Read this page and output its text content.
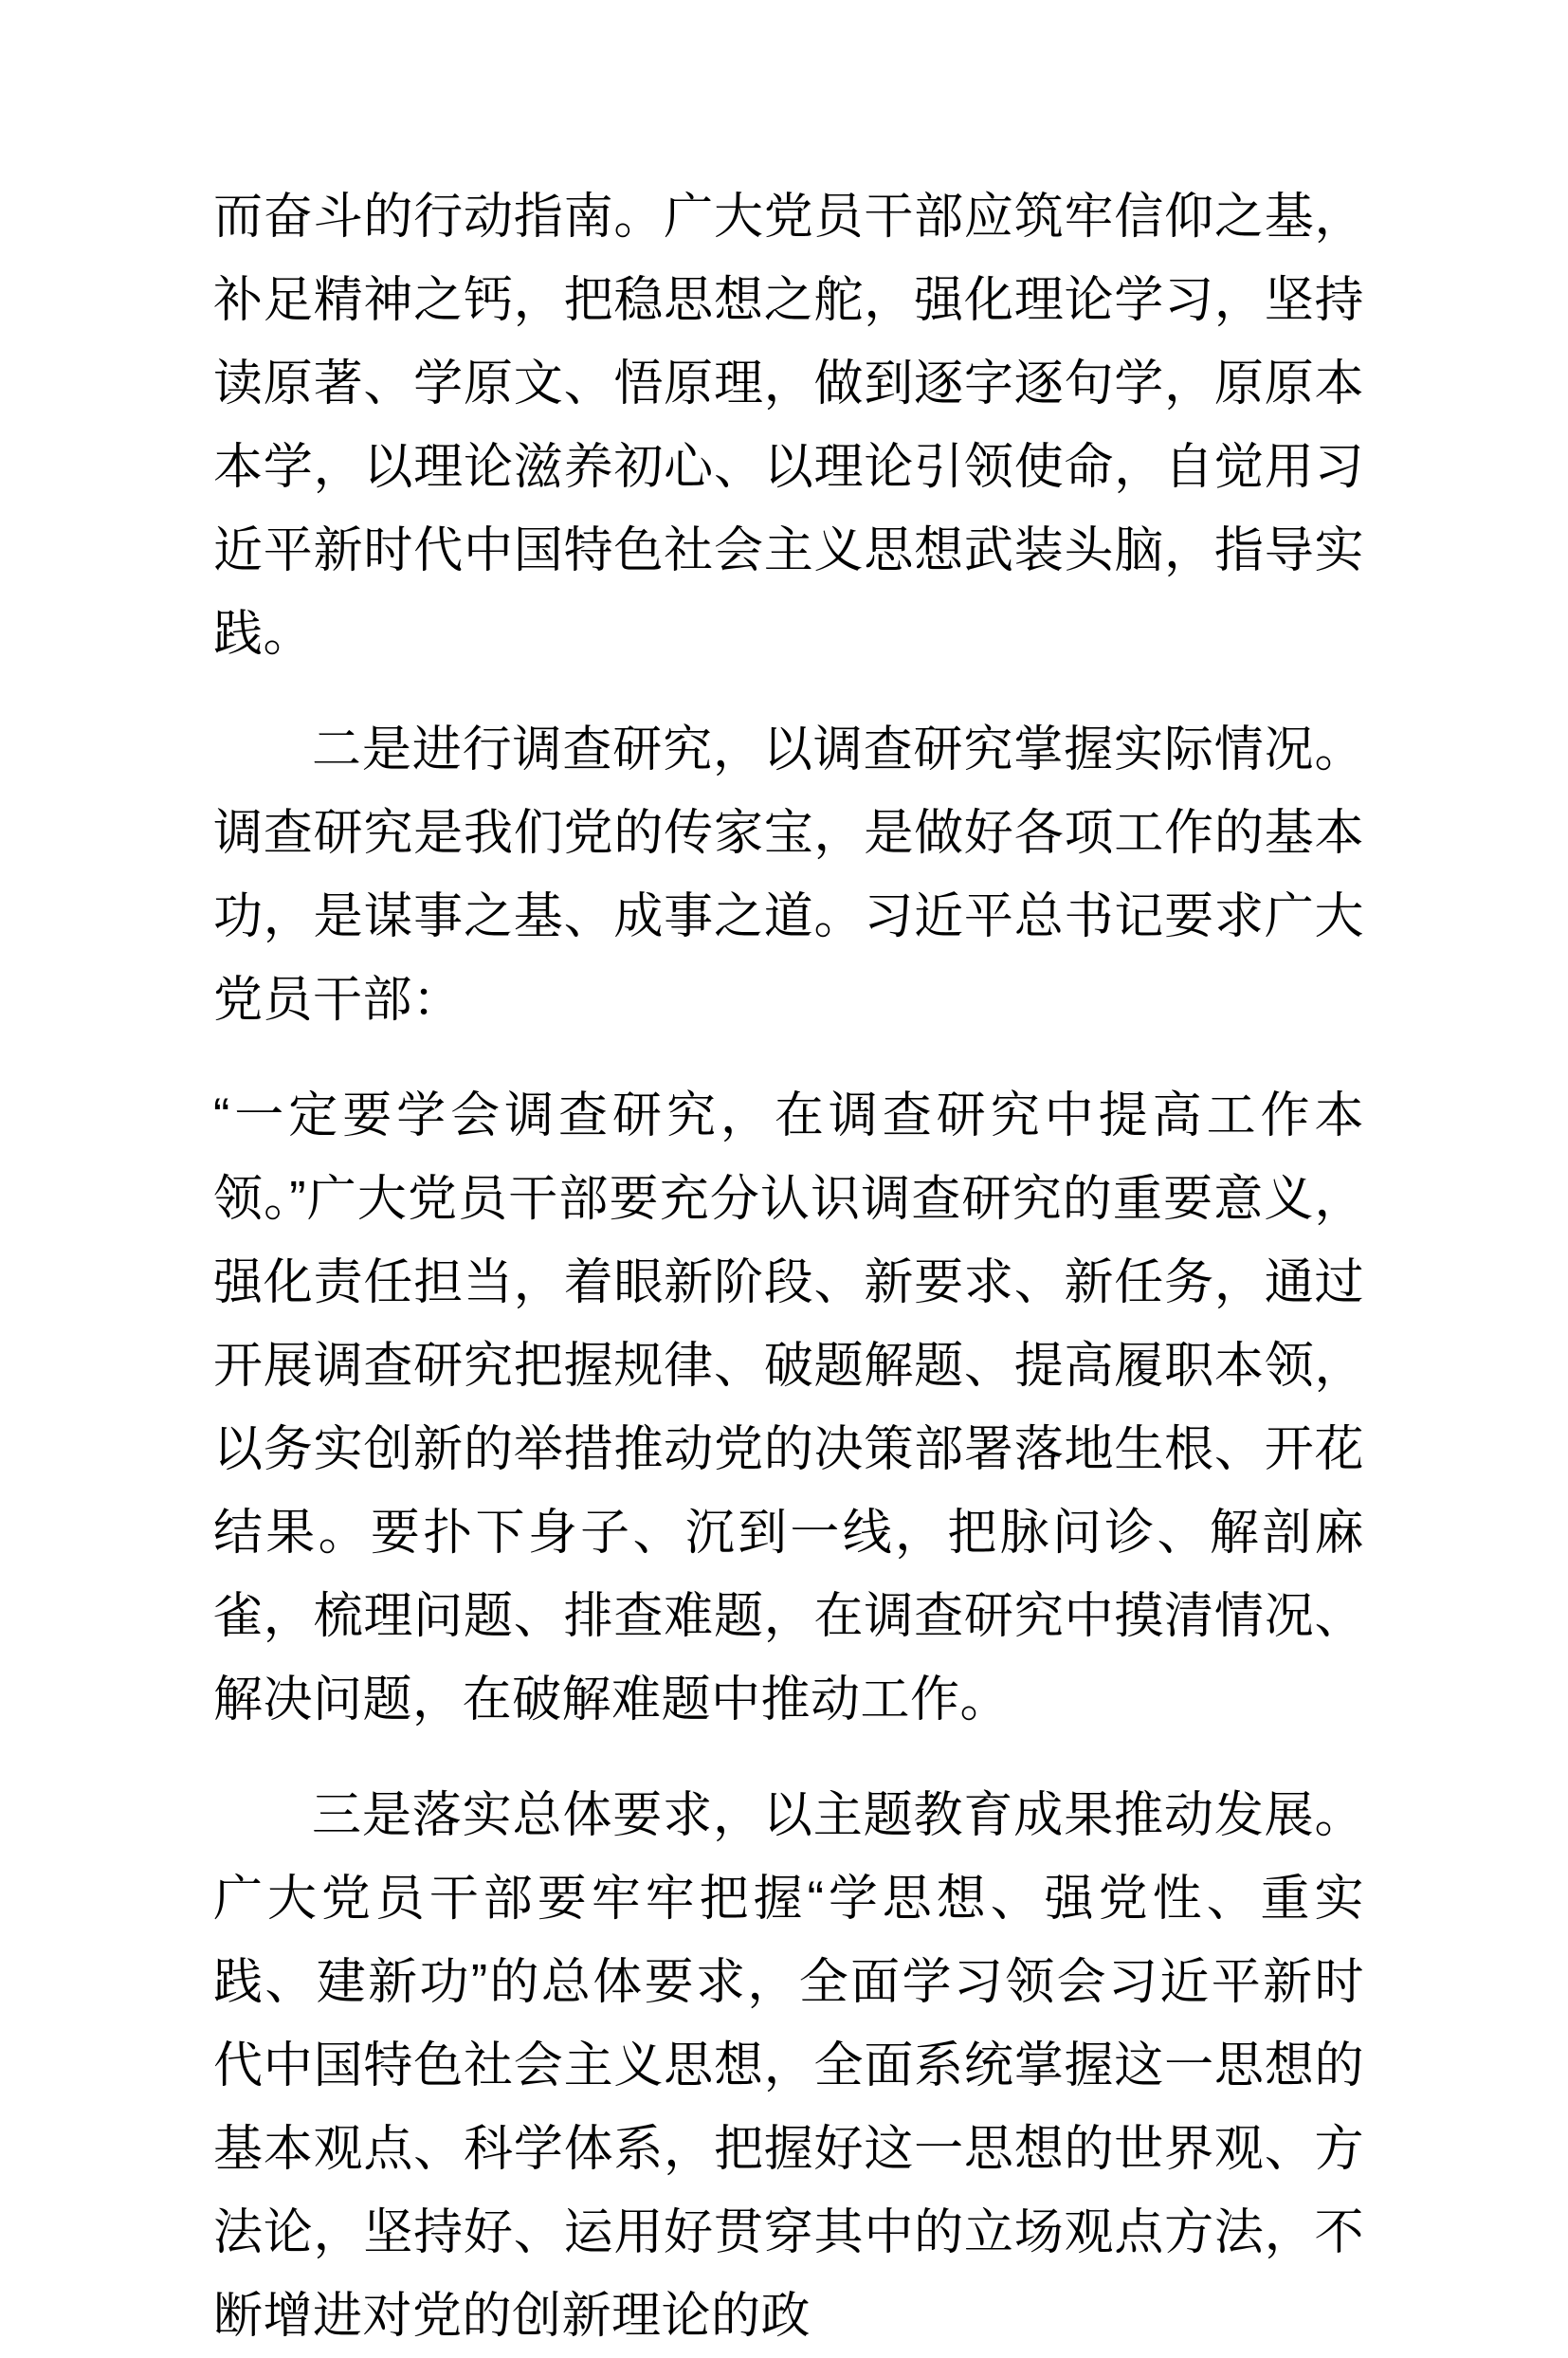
而奋斗的行动指南。广大党员干部应筑牢信仰之基，补足精神之钙，把稳思想之舵，强化理论学习，坚持读原著、学原文、悟原理，做到逐字逐句学，原原本本学，以理论滋养初心、以理论引领使命，自觉用习近平新时代中国特色社会主义思想武装头脑，指导实践。

二是进行调查研究，以调查研究掌握实际情况。调查研究是我们党的传家宝，是做好各项工作的基本功，是谋事之基、成事之道。习近平总书记要求广大党员干部：

“一定要学会调查研究，在调查研究中提高工作本领。”广大党员干部要充分认识调查研究的重要意义，强化责任担当，着眼新阶段、新要求、新任务，通过开展调查研究把握规律、破题解题、提高履职本领，以务实创新的举措推动党的决策部署落地生根、开花结果。要扑下身子、沉到一线，把脉问诊、解剖麻雀，梳理问题、排查难题，在调查研究中摸清情况、解决问题，在破解难题中推动工作。

三是落实总体要求，以主题教育成果推动发展。广大党员干部要牢牢把握“学思想、强党性、重实践、建新功”的总体要求，全面学习领会习近平新时代中国特色社会主义思想，全面系统掌握这一思想的基本观点、科学体系，把握好这一思想的世界观、方法论，坚持好、运用好贯穿其中的立场观点方法，不断增进对党的创新理论的政
